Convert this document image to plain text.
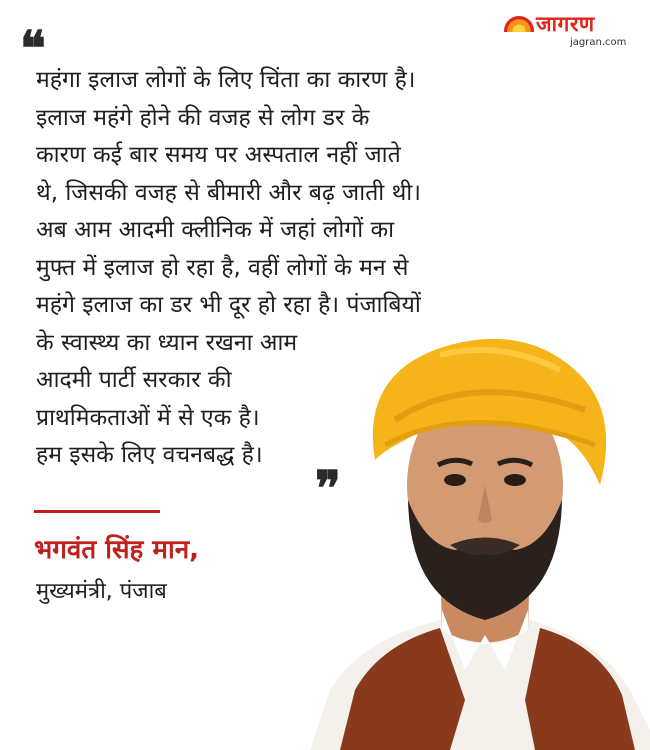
जागरण
jagran.com
❝
महंगा इलाज लोगों के लिए चिंता का कारण है।
इलाज महंगे होने की वजह से लोग डर के
कारण कई बार समय पर अस्पताल नहीं जाते
थे, जिसकी वजह से बीमारी और बढ़ जाती थी।
अब आम आदमी क्लीनिक में जहां लोगों का
मुफ्त में इलाज हो रहा है, वहीं लोगों के मन से
महंगे इलाज का डर भी दूर हो रहा है। पंजाबियों
के स्वास्थ्य का ध्यान रखना आम
आदमी पार्टी सरकार की
प्राथमिकताओं में से एक है।
हम इसके लिए वचनबद्ध है।
❞
भगवंत सिंह मान,
मुख्यमंत्री, पंजाब
